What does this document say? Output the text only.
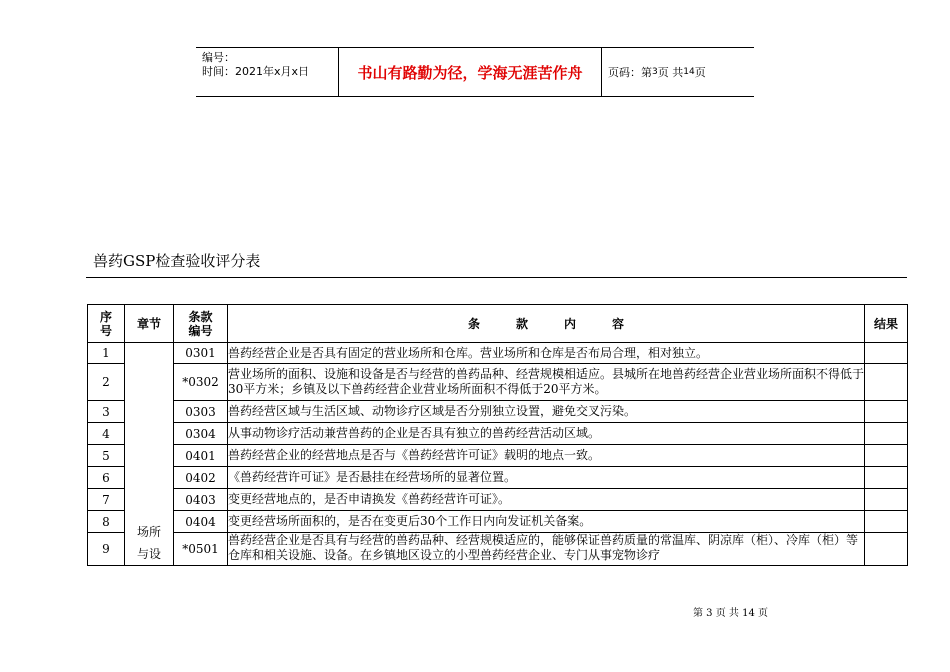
编号：
时间：2021年x月x日	书山有路勤为径，学海无涯苦作舟	页码：第 3 页 共 14 页
兽药GSP检查验收评分表
序号	章节	条款编号	条款内容	结果
1	场所与设	0301	兽药经营企业是否具有固定的营业场所和仓库。营业场所和仓库是否布局合理，相对独立。	
2		*0302	营业场所的面积、设施和设备是否与经营的兽药品种、经营规模相适应。县城所在地兽药经营企业营业场所面积不得低于30平方米；乡镇及以下兽药经营企业营业场所面积不得低于20平方米。	
3		0303	兽药经营区域与生活区域、动物诊疗区域是否分别独立设置，避免交叉污染。	
4		0304	从事动物诊疗活动兼营兽药的企业是否具有独立的兽药经营活动区域。	
5		0401	兽药经营企业的经营地点是否与《兽药经营许可证》载明的地点一致。	
6		0402	《兽药经营许可证》是否悬挂在经营场所的显著位置。	
7		0403	变更经营地点的，是否申请换发《兽药经营许可证》。	
8		0404	变更经营场所面积的，是否在变更后30个工作日内向发证机关备案。	
9		*0501	兽药经营企业是否具有与经营的兽药品种、经营规模适应的，能够保证兽药质量的常温库、阴凉库（柜）、冷库（柜）等仓库和相关设施、设备。在乡镇地区设立的小型兽药经营企业、专门从事宠物诊疗	

第 3 页 共 14 页
